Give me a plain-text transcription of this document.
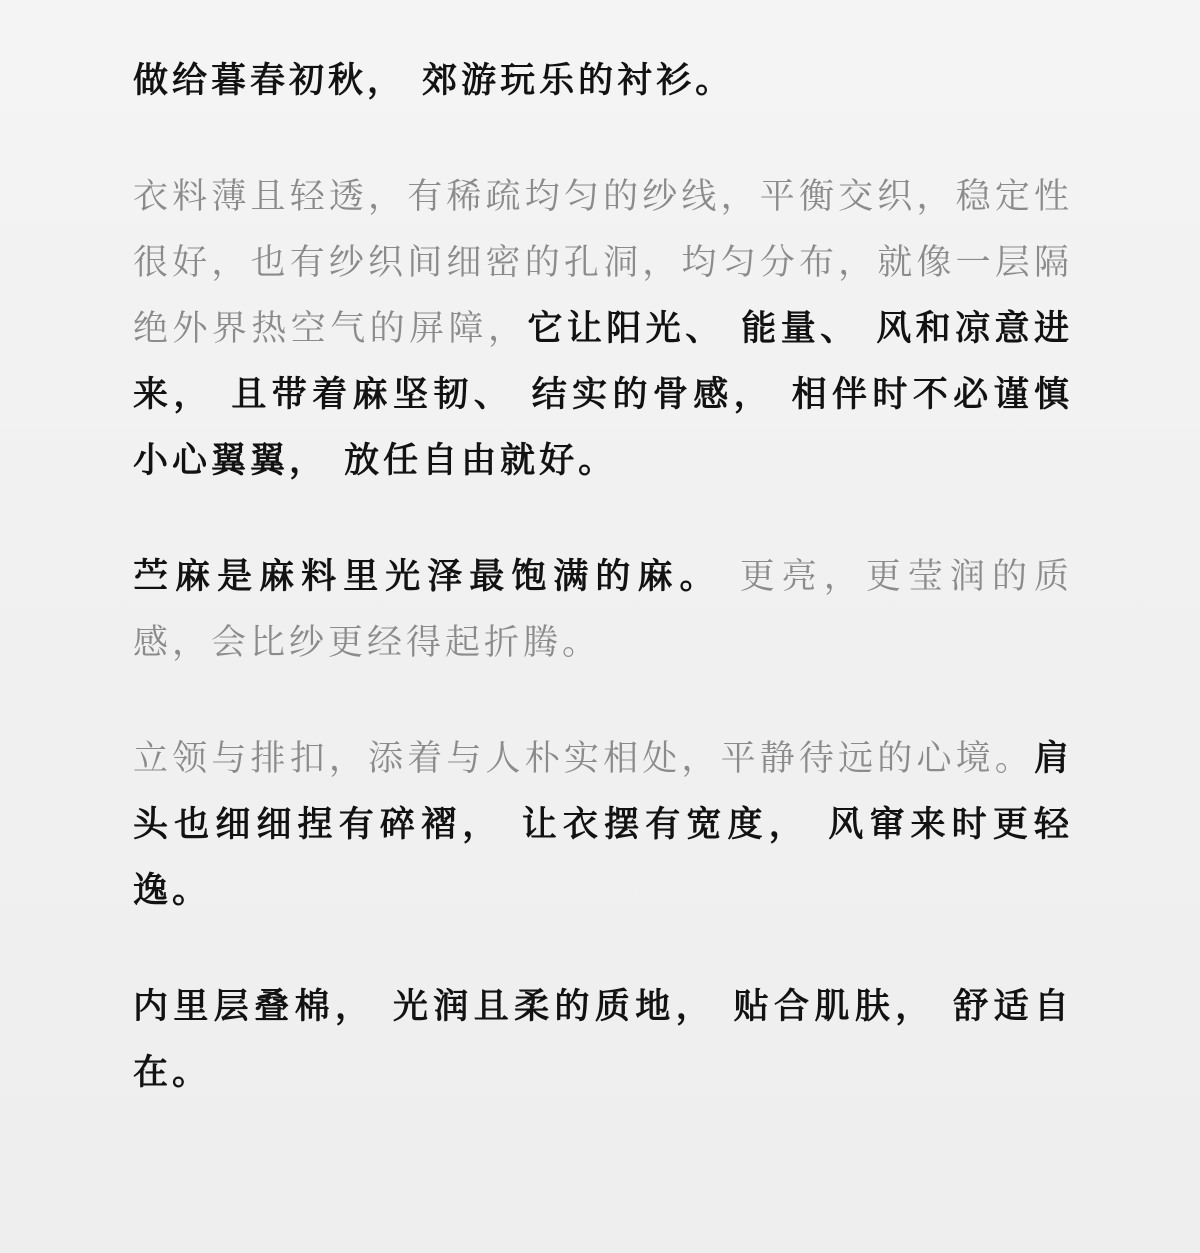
做给暮春初秋， 郊游玩乐的衬衫。

衣料薄且轻透，有稀疏均匀的纱线，平衡交织，稳定性很好，也有纱织间细密的孔洞，均匀分布，就像一层隔绝外界热空气的屏障，它让阳光、 能量、 风和凉意进来， 且带着麻坚韧、 结实的骨感， 相伴时不必谨慎小心翼翼， 放任自由就好。

苎麻是麻料里光泽最饱满的麻。 更亮，更莹润的质感，会比纱更经得起折腾。

立领与排扣，添着与人朴实相处，平静待远的心境。肩头也细细捏有碎褶， 让衣摆有宽度， 风窜来时更轻逸。

内里层叠棉， 光润且柔的质地， 贴合肌肤， 舒适自在。
